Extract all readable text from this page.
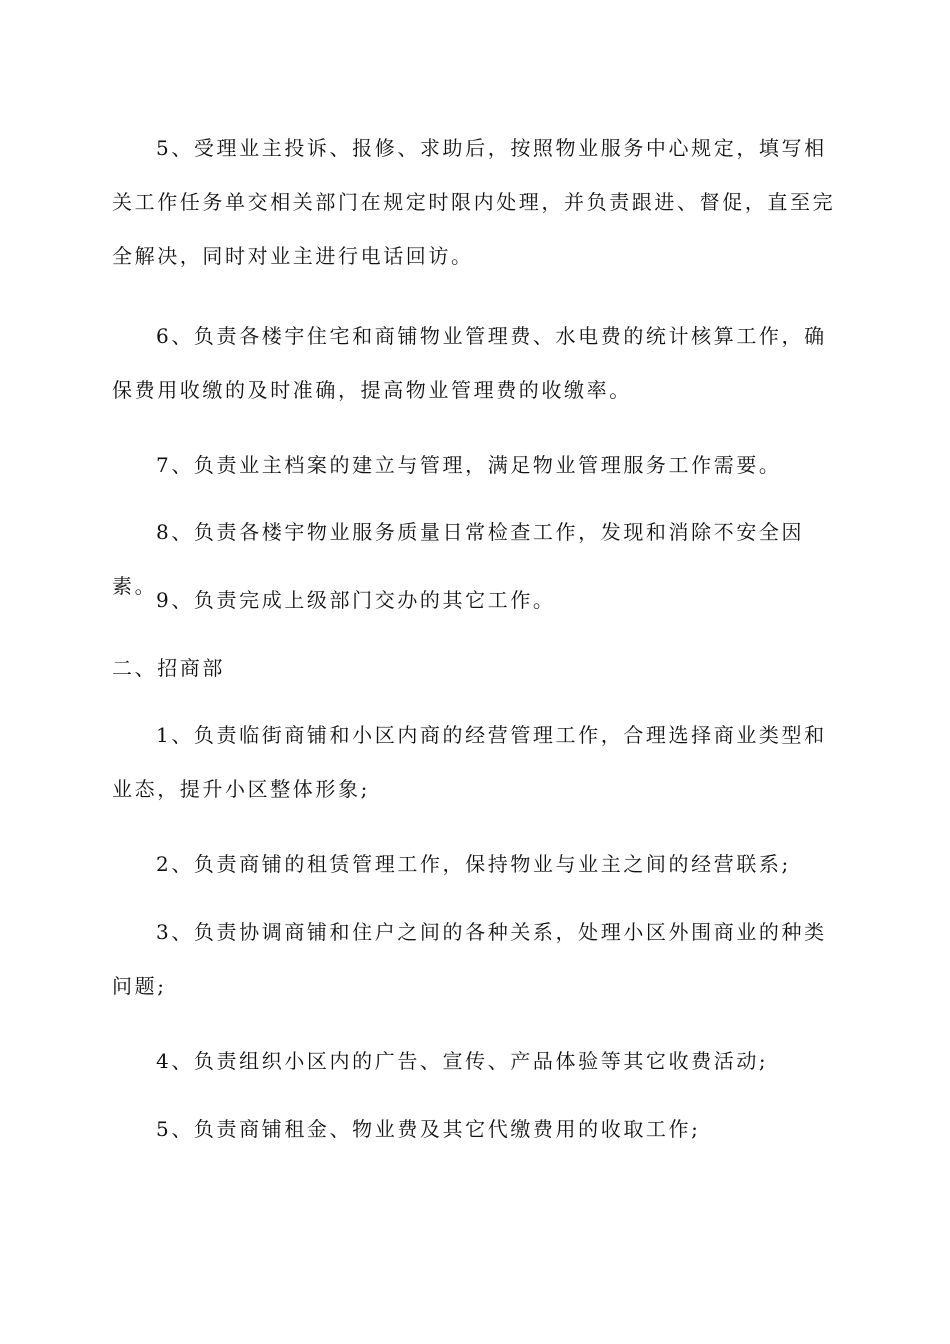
5、受理业主投诉、报修、求助后，按照物业服务中心规定，填写相关工作任务单交相关部门在规定时限内处理，并负责跟进、督促，直至完全解决，同时对业主进行电话回访。

6、负责各楼宇住宅和商铺物业管理费、水电费的统计核算工作，确保费用收缴的及时准确，提高物业管理费的收缴率。

7、负责业主档案的建立与管理，满足物业管理服务工作需要。

8、负责各楼宇物业服务质量日常检查工作，发现和消除不安全因素。

9、负责完成上级部门交办的其它工作。

二、招商部

1、负责临街商铺和小区内商的经营管理工作，合理选择商业类型和业态，提升小区整体形象;

2、负责商铺的租赁管理工作，保持物业与业主之间的经营联系;

3、负责协调商铺和住户之间的各种关系，处理小区外围商业的种类问题;

4、负责组织小区内的广告、宣传、产品体验等其它收费活动;

5、负责商铺租金、物业费及其它代缴费用的收取工作;
